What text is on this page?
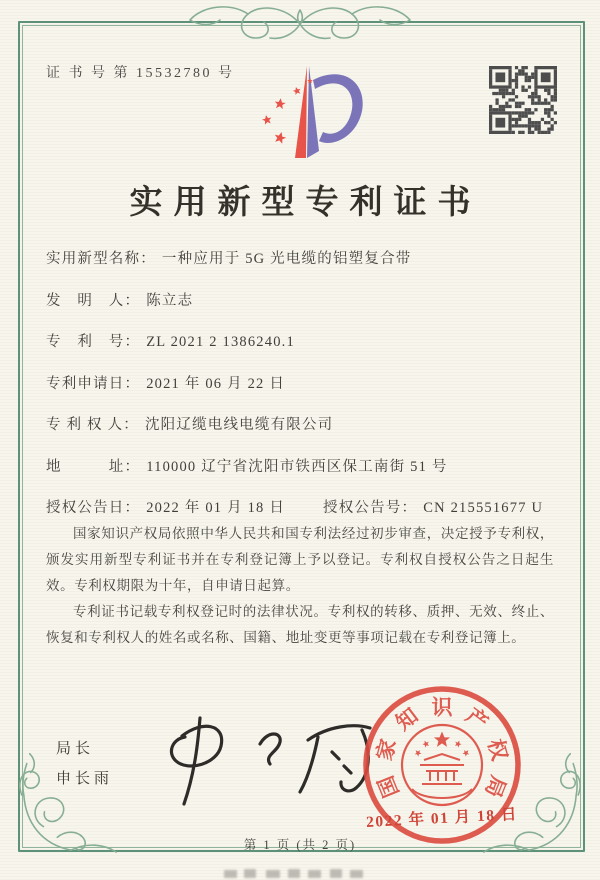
证 书 号 第 15532780 号
实用新型专利证书
实用新型名称： 一种应用于 5G 光电缆的铝塑复合带
发　明　人： 陈立志
专　利　号： ZL 2021 2 1386240.1
专利申请日： 2021 年 06 月 22 日
专 利 权 人： 沈阳辽缆电线电缆有限公司
地　　　址： 110000 辽宁省沈阳市铁西区保工南街 51 号
授权公告日： 2022 年 01 月 18 日	授权公告号： CN 215551677 U

国家知识产权局依照中华人民共和国专利法经过初步审查，决定授予专利权，颁发实用新型专利证书并在专利登记簿上予以登记。专利权自授权公告之日起生效。专利权期限为十年，自申请日起算。

专利证书记载专利权登记时的法律状况。专利权的转移、质押、无效、终止、恢复和专利权人的姓名或名称、国籍、地址变更等事项记载在专利登记簿上。

局长
申长雨	国
家
知 识 产
权
局
2022 年 01 月 18 日
第 1 页 (共 2 页)
